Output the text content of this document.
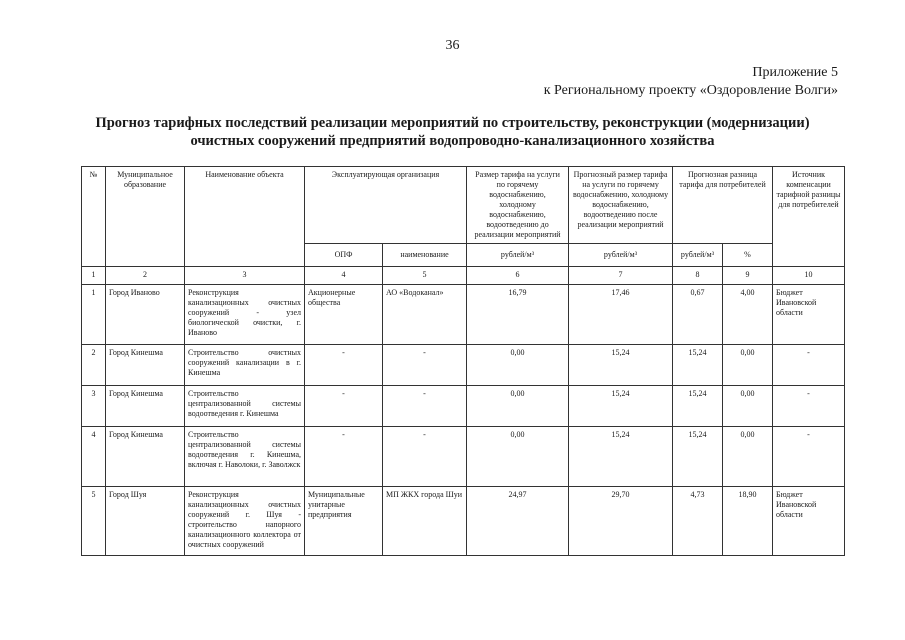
36
Приложение 5
к Региональному проекту «Оздоровление Волги»
Прогноз тарифных последствий реализации мероприятий по строительству, реконструкции (модернизации)
очистных сооружений предприятий водопроводно-канализационного хозяйства
№	Муниципальное образование	Наименование объекта	Эксплуатирующая организация		Размер тарифа на услуги по горячему водоснабжению, холодному водоснабжению, водоотведению до реализации мероприятий	Прогнозный размер тарифа на услуги по горячему водоснабжению, холодному водоснабжению, водоотведению после реализации мероприятий	Прогнозная разница тарифа для потребителей		Источник компенсации тарифной разницы для потребителей
			ОПФ	наименование	рублей/м³	рублей/м³	рублей/м³	%	
1	2	3	4	5	6	7	8	9	10
1	Город Иваново	Реконструкция канализационных очистных сооружений - узел биологической очистки, г. Иваново	Акционерные общества	АО «Водоканал»	16,79	17,46	0,67	4,00	Бюджет Ивановской области
2	Город Кинешма	Строительство очистных сооружений канализации в г. Кинешма	-	-	0,00	15,24	15,24	0,00	-
3	Город Кинешма	Строительство централизованной системы водоотведения г. Кинешма	-	-	0,00	15,24	15,24	0,00	-
4	Город Кинешма	Строительство централизованной системы водоотведения г. Кинешма, включая г. Наволоки, г. Заволжск	-	-	0,00	15,24	15,24	0,00	-
5	Город Шуя	Реконструкция канализационных очистных сооружений г. Шуя - строительство напорного канализационного коллектора от очистных сооружений	Муниципальные унитарные предприятия	МП ЖКХ города Шуи	24,97	29,70	4,73	18,90	Бюджет Ивановской области
